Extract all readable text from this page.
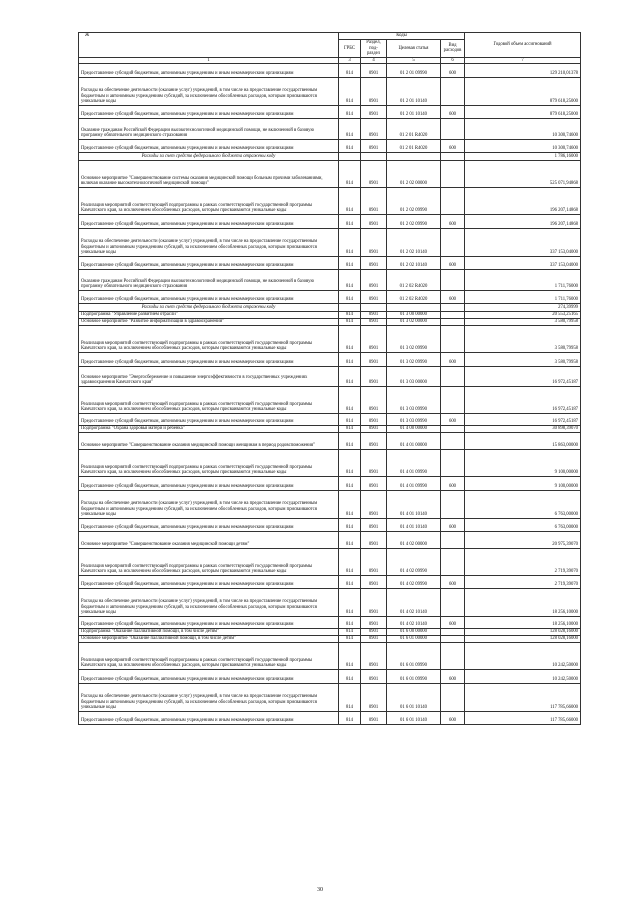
Ж	Коды				Годовой объем ассигнований
	ГРБС	Раздел, под-раздел	Целевая статья	Вид расходов	
1	3	4	5	6	7
Предоставление субсидий бюджетным, автономным учреждениям и иным некоммерческим организациям	814	0901	01 2 01 09990	600	129 210,01378
Расходы на обеспечение деятельности (оказание услуг) учреждений, в том числе на предоставление государственным бюджетным и автономным учреждениям субсидий, за исключением обособленных расходов, которым присваиваются уникальные коды	814	0901	01 2 01 10140		879 618,25000
Предоставление субсидий бюджетным, автономным учреждениям и иным некоммерческим организациям	814	0901	01 2 01 10140	600	879 618,25000
Оказание гражданам Российской Федерации высокотехнологичной медицинской помощи, не включенной в базовую программу обязательного медицинского страхования	814	0901	01 2 01 R4020		10 300,74600
Предоставление субсидий бюджетным, автономным учреждениям и иным некоммерческим организациям	814	0901	01 2 01 R4020	600	10 300,74600
Расходы за счет средств федерального бюджета отражены коду					1 786,16000
Основное мероприятие "Совершенствование системы оказания медицинской помощи больным прочими заболеваниями, включая оказание высокотехнологичной медицинской помощи"	814	0901	01 2 02 00000		525 071,94868
Реализация мероприятий соответствующей подпрограммы в рамках соответствующей государственной программы Камчатского края, за исключением обособленных расходов, которым присваиваются уникальные коды	814	0901	01 2 02 09990		196 207,14868
Предоставление субсидий бюджетным, автономным учреждениям и иным некоммерческим организациям	814	0901	01 2 02 09990	600	196 207,14868
Расходы на обеспечение деятельности (оказание услуг) учреждений, в том числе на предоставление государственным бюджетным и автономным учреждениям субсидий, за исключением обособленных расходов, которым присваиваются уникальные коды	814	0901	01 2 02 10140		337 153,04000
Предоставление субсидий бюджетным, автономным учреждениям и иным некоммерческим организациям	814	0901	01 2 02 10140	600	337 153,04000
Оказание гражданам Российской Федерации высокотехнологичной медицинской помощи, не включенной в базовую программу обязательного медицинского страхования	814	0901	01 2 02 R4020		1 711,76000
Предоставление субсидий бюджетным, автономным учреждениям и иным некоммерческим организациям	814	0901	01 2 02 R4020	600	1 711,76000
Расходы за счет средств федерального бюджета отражены коду					274,39999
Подпрограмма "Управление развитием отрасли"	814	0901	01 3 00 00000		20 553,25165
Основное мероприятие "Развитие информатизации в здравоохранении"	814	0901	01 3 02 00000		3 580,79958
Реализация мероприятий соответствующей подпрограммы в рамках соответствующей государственной программы Камчатского края, за исключением обособленных расходов, которым присваиваются уникальные коды	814	0901	01 3 02 09990		3 580,79958
Предоставление субсидий бюджетным, автономным учреждениям и иным некоммерческим организациям	814	0901	01 3 02 09990	600	3 580,79958
Основное мероприятие "Энергосбережение и повышение энергоэффективности в государственных учреждениях здравоохранения Камчатского края"	814	0901	01 3 03 00000		16 972,45187
Реализация мероприятий соответствующей подпрограммы в рамках соответствующей государственной программы Камчатского края, за исключением обособленных расходов, которым присваиваются уникальные коды	814	0901	01 3 03 09990		16 972,45187
Предоставление субсидий бюджетным, автономным учреждениям и иным некоммерческим организациям	814	0901	01 3 03 09990	600	16 972,45187
Подпрограмма "Охрана здоровья матери и ребенка"	814	0901	01 4 00 00000		30 898,39070
Основное мероприятие "Совершенствование оказания медицинской помощи женщинам в период родовспоможения"	814	0901	01 4 01 00000		15 863,00000
Реализация мероприятий соответствующей подпрограммы в рамках соответствующей государственной программы Камчатского края, за исключением обособленных расходов, которым присваиваются уникальные коды	814	0901	01 4 01 09990		9 100,00000
Предоставление субсидий бюджетным, автономным учреждениям и иным некоммерческим организациям	814	0901	01 4 01 09990	600	9 100,00000
Расходы на обеспечение деятельности (оказание услуг) учреждений, в том числе на предоставление государственным бюджетным и автономным учреждениям субсидий, за исключением обособленных расходов, которым присваиваются уникальные коды	814	0901	01 4 01 10140		6 763,00000
Предоставление субсидий бюджетным, автономным учреждениям и иным некоммерческим организациям	814	0901	01 4 01 10140	600	6 763,00000
Основное мероприятие "Совершенствование оказания медицинской помощи детям"	814	0901	01 4 02 00000		20 975,39070
Реализация мероприятий соответствующей подпрограммы в рамках соответствующей государственной программы Камчатского края, за исключением обособленных расходов, которым присваиваются уникальные коды	814	0901	01 4 02 09990		2 719,39070
Предоставление субсидий бюджетным, автономным учреждениям и иным некоммерческим организациям	814	0901	01 4 02 09990	600	2 719,39070
Расходы на обеспечение деятельности (оказание услуг) учреждений, в том числе на предоставление государственным бюджетным и автономным учреждениям субсидий, за исключением обособленных расходов, которым присваиваются уникальные коды	814	0901	01 4 02 10140		18 256,10000
Предоставление субсидий бюджетным, автономным учреждениям и иным некоммерческим организациям	814	0901	01 4 02 10140	600	18 256,10000
Подпрограмма "Оказание паллиативной помощи, в том числе детям"	814	0901	01 6 00 00000		128 028,16000
Основное мероприятие "Оказание паллиативной помощи, в том числе детям"	814	0901	01 6 01 00000		128 028,16000
Реализация мероприятий соответствующей подпрограммы в рамках соответствующей государственной программы Камчатского края, за исключением обособленных расходов, которым присваиваются уникальные коды	814	0901	01 6 01 09990		10 242,50000
Предоставление субсидий бюджетным, автономным учреждениям и иным некоммерческим организациям	814	0901	01 6 01 09990	600	10 242,50000
Расходы на обеспечение деятельности (оказание услуг) учреждений, в том числе на предоставление государственным бюджетным и автономным учреждениям субсидий, за исключением обособленных расходов, которым присваиваются уникальные коды	814	0901	01 6 01 10140		117 785,66000
Предоставление субсидий бюджетным, автономным учреждениям и иным некоммерческим организациям	814	0901	01 6 01 10140	600	117 785,66000
30
